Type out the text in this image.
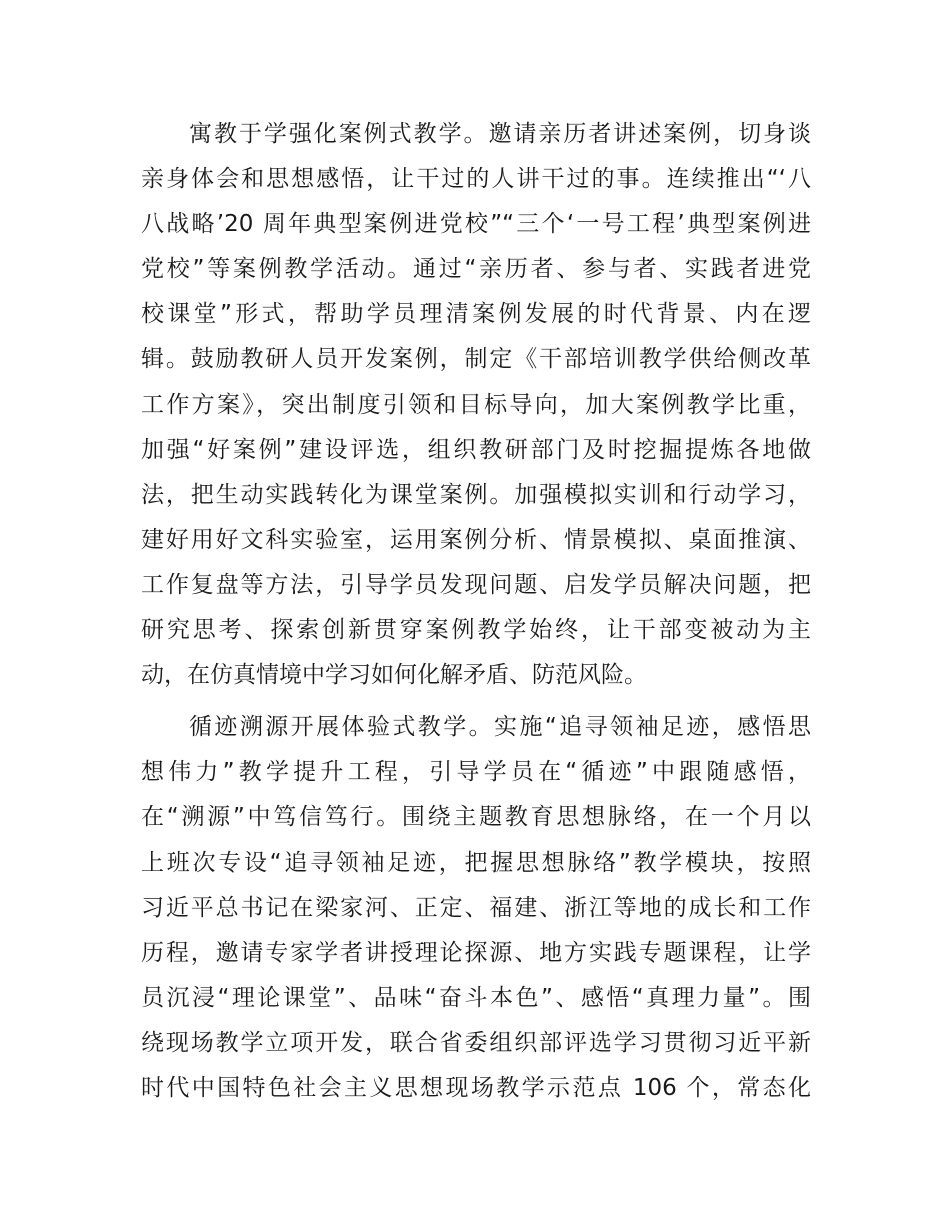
寓教于学强化案例式教学。邀请亲历者讲述案例，切身谈
亲身体会和思想感悟，让干过的人讲干过的事。连续推出“‘八
八战略’20 周年典型案例进党校”“三个‘一号工程’典型案例进
党校”等案例教学活动。通过“亲历者、参与者、实践者进党
校课堂”形式，帮助学员理清案例发展的时代背景、内在逻
辑。鼓励教研人员开发案例，制定《干部培训教学供给侧改革
工作方案》，突出制度引领和目标导向，加大案例教学比重，
加强“好案例”建设评选，组织教研部门及时挖掘提炼各地做
法，把生动实践转化为课堂案例。加强模拟实训和行动学习，
建好用好文科实验室，运用案例分析、情景模拟、桌面推演、
工作复盘等方法，引导学员发现问题、启发学员解决问题，把
研究思考、探索创新贯穿案例教学始终，让干部变被动为主
动，在仿真情境中学习如何化解矛盾、防范风险。
循迹溯源开展体验式教学。实施“追寻领袖足迹，感悟思
想伟力”教学提升工程，引导学员在“循迹”中跟随感悟，
在“溯源”中笃信笃行。围绕主题教育思想脉络，在一个月以
上班次专设“追寻领袖足迹，把握思想脉络”教学模块，按照
习近平总书记在梁家河、正定、福建、浙江等地的成长和工作
历程，邀请专家学者讲授理论探源、地方实践专题课程，让学
员沉浸“理论课堂”、品味“奋斗本色”、感悟“真理力量”。围
绕现场教学立项开发，联合省委组织部评选学习贯彻习近平新
时代中国特色社会主义思想现场教学示范点 106 个，常态化
